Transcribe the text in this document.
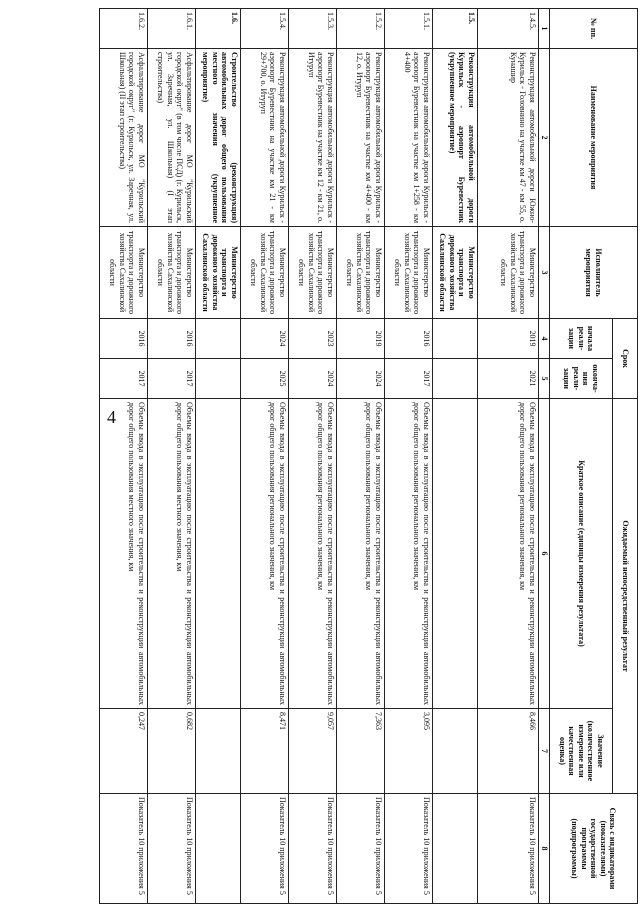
4
№ пп.	Наименование мероприятия	Исполнитель мероприятия	Срок		Ожидаемый непосредственный результат		Связь с индикаторами (показателями) государственной программы (подпрограммы)
			начала реали-зации	оконча-ния реали-зации	Краткое описание (единицы измерения результата)	Значение (количественное измерение или качественная оценка)	
1	2	3	4	5	6	7	8
1.4.5.	Реконструкция автомобильной дороги Южно-Курильск - Головнино на участке км 47 - км 55, о. Кунашир	Министерство транспорта и дорожного хозяйства Сахалинской области	2019	2021	Объемы ввода в эксплуатацию после строительства и реконструкции автомобильных дорог общего пользования регионального значения, км	8,466	Показатель 10 приложения 5
1.5.	Реконструкция автомобильной дороги Курильск - аэропорт Буревестник (укрупненное мероприятие)	Министерство транспорта и дорожного хозяйства Сахалинской области					
1.5.1.	Реконструкция автомобильной дороги Курильск - аэропорт Буревестник на участке км 1+258 - км 4+400	Министерство транспорта и дорожного хозяйства Сахалинской области	2016	2017	Объемы ввода в эксплуатацию после строительства и реконструкции автомобильных дорог общего пользования регионального значения, км	3,095	Показатель 10 приложения 5
1.5.2.	Реконструкция автомобильной дороги Курильск - аэропорт Буревестник на участке км 4+400 - км 12, о. Итуруп	Министерство транспорта и дорожного хозяйства Сахалинской области	2019	2024	Объемы ввода в эксплуатацию после строительства и реконструкции автомобильных дорог общего пользования регионального значения, км	7,363	Показатель 10 приложения 5
1.5.3.	Реконструкция автомобильной дороги Курильск - аэропорт Буревестник на участке км 12 - км 21, о. Итуруп	Министерство транспорта и дорожного хозяйства Сахалинской области	2023	2024	Объемы ввода в эксплуатацию после строительства и реконструкции автомобильных дорог общего пользования регионального значения, км	9,057	Показатель 10 приложения 5
1.5.4.	Реконструкция автомобильной дороги Курильск - аэропорт Буревестник на участке км 21 - км 29+700, о. Итуруп	Министерство транспорта и дорожного хозяйства Сахалинской области	2024	2025	Объемы ввода в эксплуатацию после строительства и реконструкции автомобильных дорог общего пользования регионального значения, км	8,471	Показатель 10 приложения 5
1.6.	Строительство (реконструкция) автомобильных дорог общего пользования местного значения (укрупненное мероприятие)	Министерство транспорта и дорожного хозяйства Сахалинской области					
1.6.1.	Асфальтирование дорог МО "Курильский городской округ" (в том числе ПСД) (г. Курильск, ул. Заречная, ул. Школьная) (I этап строительства)	Министерство транспорта и дорожного хозяйства Сахалинской области	2016	2017	Объемы ввода в эксплуатацию после строительства и реконструкции автомобильных дорог общего пользования местного значения, км	0,682	Показатель 10 приложения 5
1.6.2.	Асфальтирование дорог МО "Курильский городской округ" (г. Курильск, ул. Заречная, ул. Школьная) (II этап строительства)	Министерство транспорта и дорожного хозяйства Сахалинской области	2016	2017	Объемы ввода в эксплуатацию после строительства и реконструкции автомобильных дорог общего пользования местного значения, км	0,247	Показатель 10 приложения 5
